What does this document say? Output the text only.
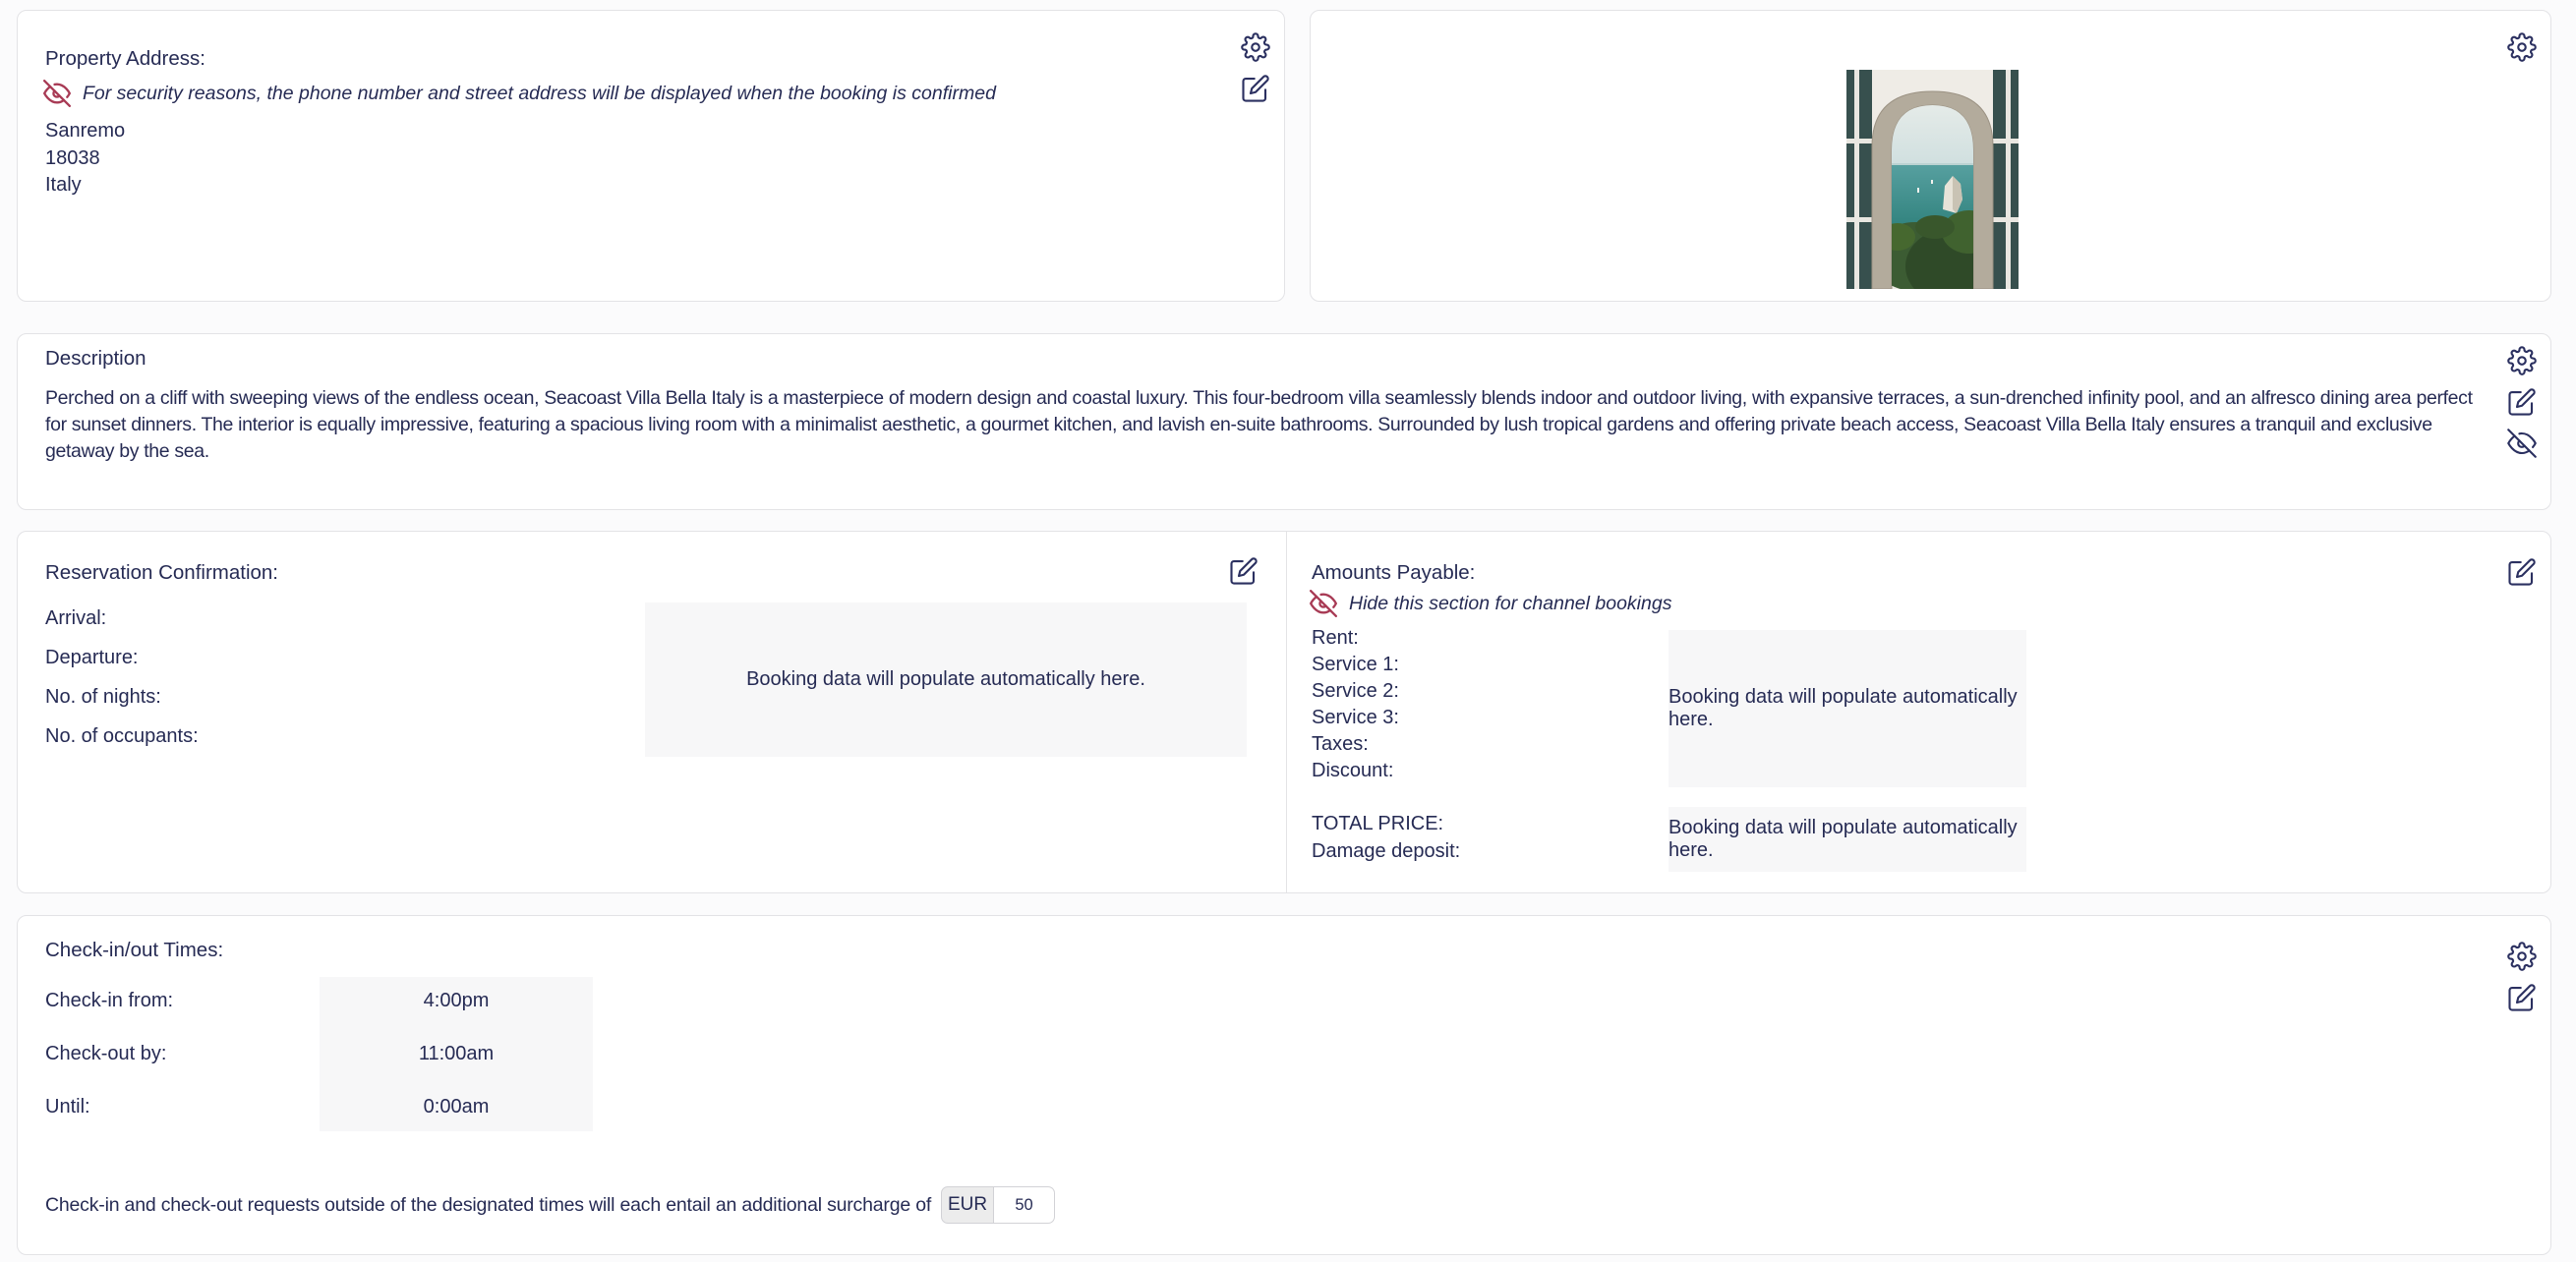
Property Address:
For security reasons, the phone number and street address will be displayed when the booking is confirmed
Sanremo
18038
Italy
Description
Perched on a cliff with sweeping views of the endless ocean, Seacoast Villa Bella Italy is a masterpiece of modern design and coastal luxury. This four-bedroom villa seamlessly blends indoor and outdoor living, with expansive terraces, a sun-drenched infinity pool, and an alfresco dining area perfect for sunset dinners. The interior is equally impressive, featuring a spacious living room with a minimalist aesthetic, a gourmet kitchen, and lavish en-suite bathrooms. Surrounded by lush tropical gardens and offering private beach access, Seacoast Villa Bella Italy ensures a tranquil and exclusive getaway by the sea.
Reservation Confirmation:
Arrival:
Departure:
No. of nights:
No. of occupants:
Booking data will populate automatically here.
Amounts Payable:
Hide this section for channel bookings
Rent:
Service 1:
Service 2:
Service 3:
Taxes:
Discount:
Booking data will populate automatically here.
TOTAL PRICE:
Damage deposit:
Booking data will populate automatically here.
Check-in/out Times:
Check-in from:
Check-out by:
Until:
4:00pm
11:00am
0:00am
Check-in and check-out requests outside of the designated times will each entail an additional surcharge of EUR
50
